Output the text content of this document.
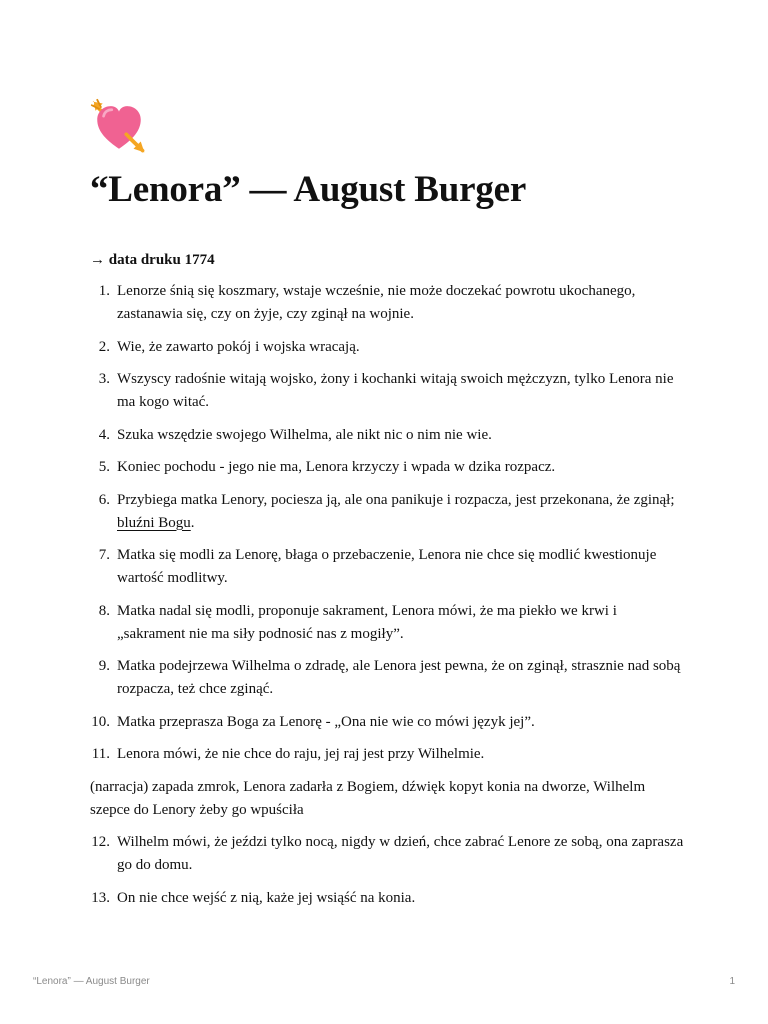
“Lenora” — August Burger
→ data druku 1774
1. Lenorze śnią się koszmary, wstaje wcześnie, nie może doczekać powrotu ukochanego, zastanawia się, czy on żyje, czy zginął na wojnie.
2. Wie, że zawarto pokój i wojska wracają.
3. Wszyscy radośnie witają wojsko, żony i kochanki witają swoich mężczyzn, tylko Lenora nie ma kogo witać.
4. Szuka wszędzie swojego Wilhelma, ale nikt nic o nim nie wie.
5. Koniec pochodu - jego nie ma, Lenora krzyczy i wpada w dzika rozpacz.
6. Przybiega matka Lenory, pociesza ją, ale ona panikuje i rozpacza, jest przekonana, że zginął; bluźni Bogu.
7. Matka się modli za Lenorę, błaga o przebaczenie, Lenora nie chce się modlić kwestionuje wartość modlitwy.
8. Matka nadal się modli, proponuje sakrament, Lenora mówi, że ma piekło we krwi i „sakrament nie ma siły podnosić nas z mogiły”.
9. Matka podejrzewa Wilhelma o zdradę, ale Lenora jest pewna, że on zginął, strasznie nad sobą rozpacza, też chce zginąć.
10. Matka przeprasza Boga za Lenorę - „Ona nie wie co mówi język jej”.
11. Lenora mówi, że nie chce do raju, jej raj jest przy Wilhelmie.

(narracja) zapada zmrok, Lenora zadarła z Bogiem, dźwięk kopyt konia na dworze, Wilhelm szepce do Lenory żeby go wpuściła

12. Wilhelm mówi, że jeździ tylko nocą, nigdy w dzień, chce zabrać Lenore ze sobą, ona zaprasza go do domu.
13. On nie chce wejść z nią, każe jej wsiąść na konia.
“Lenora” — August Burger	1
